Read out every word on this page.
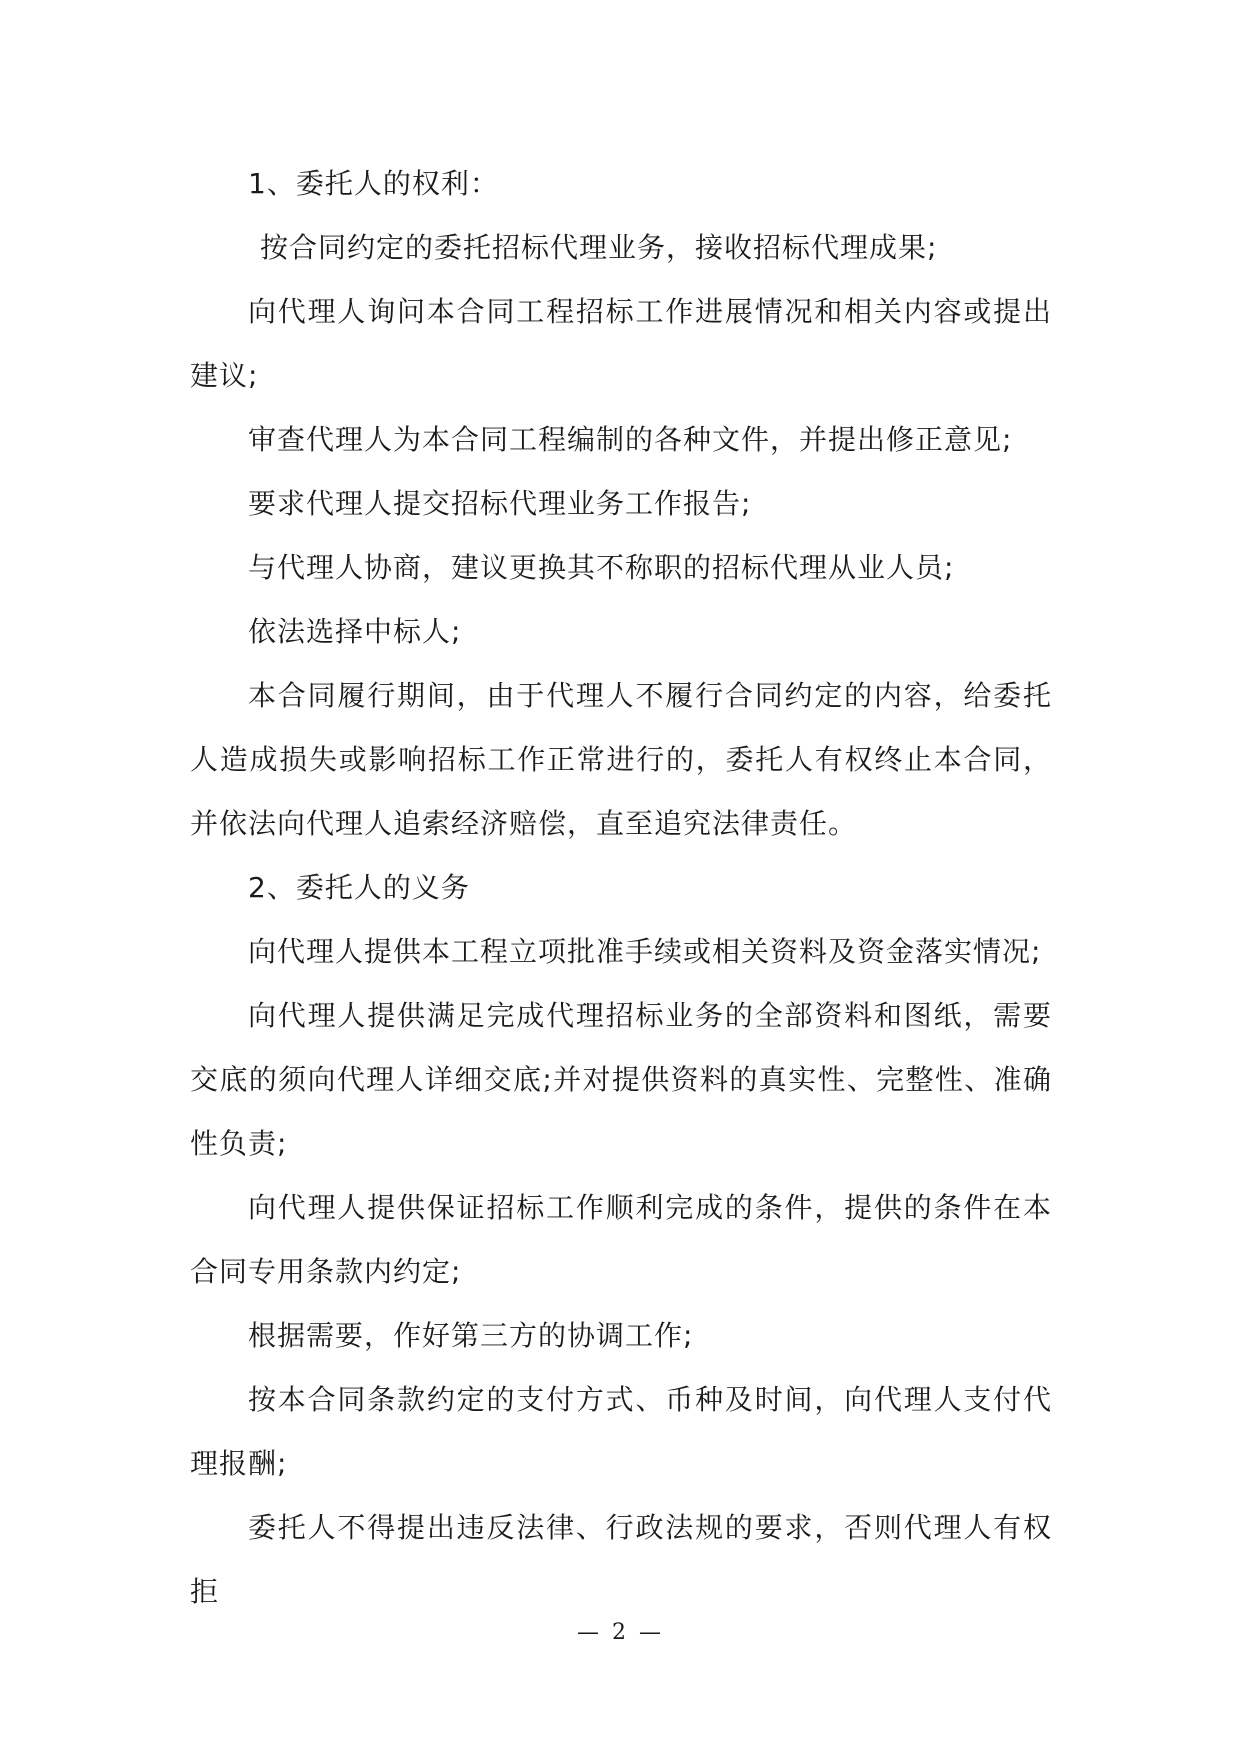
1、委托人的权利：

按合同约定的委托招标代理业务，接收招标代理成果;

向代理人询问本合同工程招标工作进展情况和相关内容或提出建议;

审查代理人为本合同工程编制的各种文件，并提出修正意见;

要求代理人提交招标代理业务工作报告;

与代理人协商，建议更换其不称职的招标代理从业人员;

依法选择中标人;

本合同履行期间，由于代理人不履行合同约定的内容，给委托人造成损失或影响招标工作正常进行的，委托人有权终止本合同，并依法向代理人追索经济赔偿，直至追究法律责任。

2、委托人的义务

向代理人提供本工程立项批准手续或相关资料及资金落实情况;

向代理人提供满足完成代理招标业务的全部资料和图纸，需要交底的须向代理人详细交底;并对提供资料的真实性、完整性、准确性负责;

向代理人提供保证招标工作顺利完成的条件，提供的条件在本合同专用条款内约定;

根据需要，作好第三方的协调工作;

按本合同条款约定的支付方式、币种及时间，向代理人支付代理报酬;

委托人不得提出违反法律、行政法规的要求，否则代理人有权拒

— 2 —
